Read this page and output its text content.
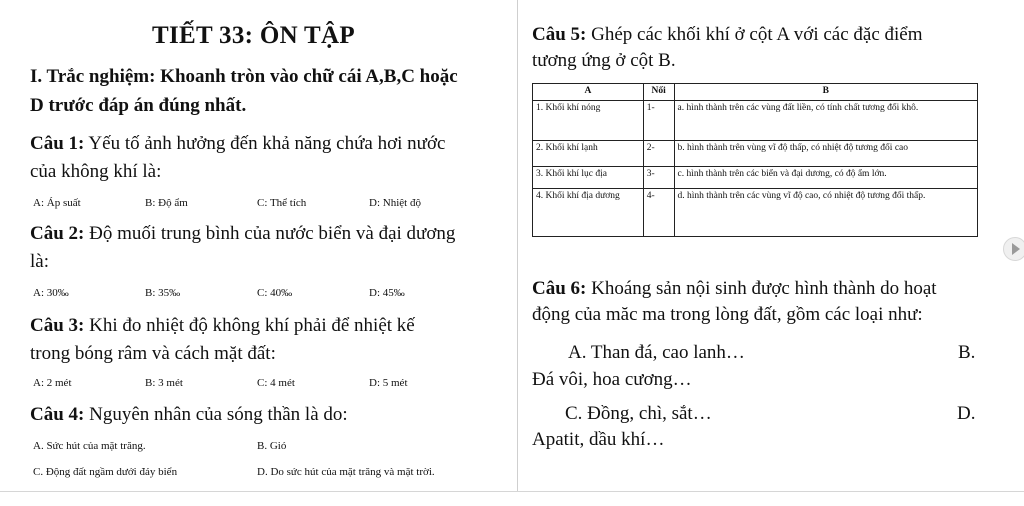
TIẾT 33: ÔN TẬP
I. Trắc nghiệm: Khoanh tròn vào chữ cái A,B,C hoặc
D trước đáp án đúng nhất.
Câu 1: Yếu tố ảnh hưởng đến khả năng chứa hơi nước
của không khí là:
A: Áp suất	B: Độ ẩm	C: Thể tích	D: Nhiệt độ
Câu 2: Độ muối trung bình của nước biển và đại dương
là:
A: 30‰	B: 35‰	C: 40‰	D: 45‰
Câu 3: Khi đo nhiệt độ không khí phải để nhiệt kế
trong bóng râm và cách mặt đất:
A: 2 mét	B: 3 mét	C: 4 mét	D: 5 mét
Câu 4: Nguyên nhân của sóng thần là do:
A. Sức hút của mặt trăng.	B. Gió
C. Động đất ngầm dưới đáy biển	D. Do sức hút của mặt trăng và mặt trời.
Câu 5: Ghép các khối khí ở cột A với các đặc điểm
tương ứng ở cột B.
A	Nối	B
1. Khối khí nóng	1-	a. hình thành trên các vùng đất liền, có tính chất tương đối khô.
2. Khối khí lạnh	2-	b. hình thành trên vùng vĩ độ thấp, có nhiệt độ tương đối cao
3. Khối khí lục địa	3-	c. hình thành trên các biển và đại dương, có độ ẩm lớn.
4. Khối khí địa dương	4-	d. hình thành trên các vùng vĩ độ cao, có nhiệt độ tương đối thấp.
Câu 6: Khoáng sản nội sinh được hình thành do hoạt
động của măc ma trong lòng đất, gồm các loại như:
A. Than đá, cao lanh…	B.
Đá vôi, hoa cương…
C. Đồng, chì, sắt…	D.
Apatit, dầu khí…
